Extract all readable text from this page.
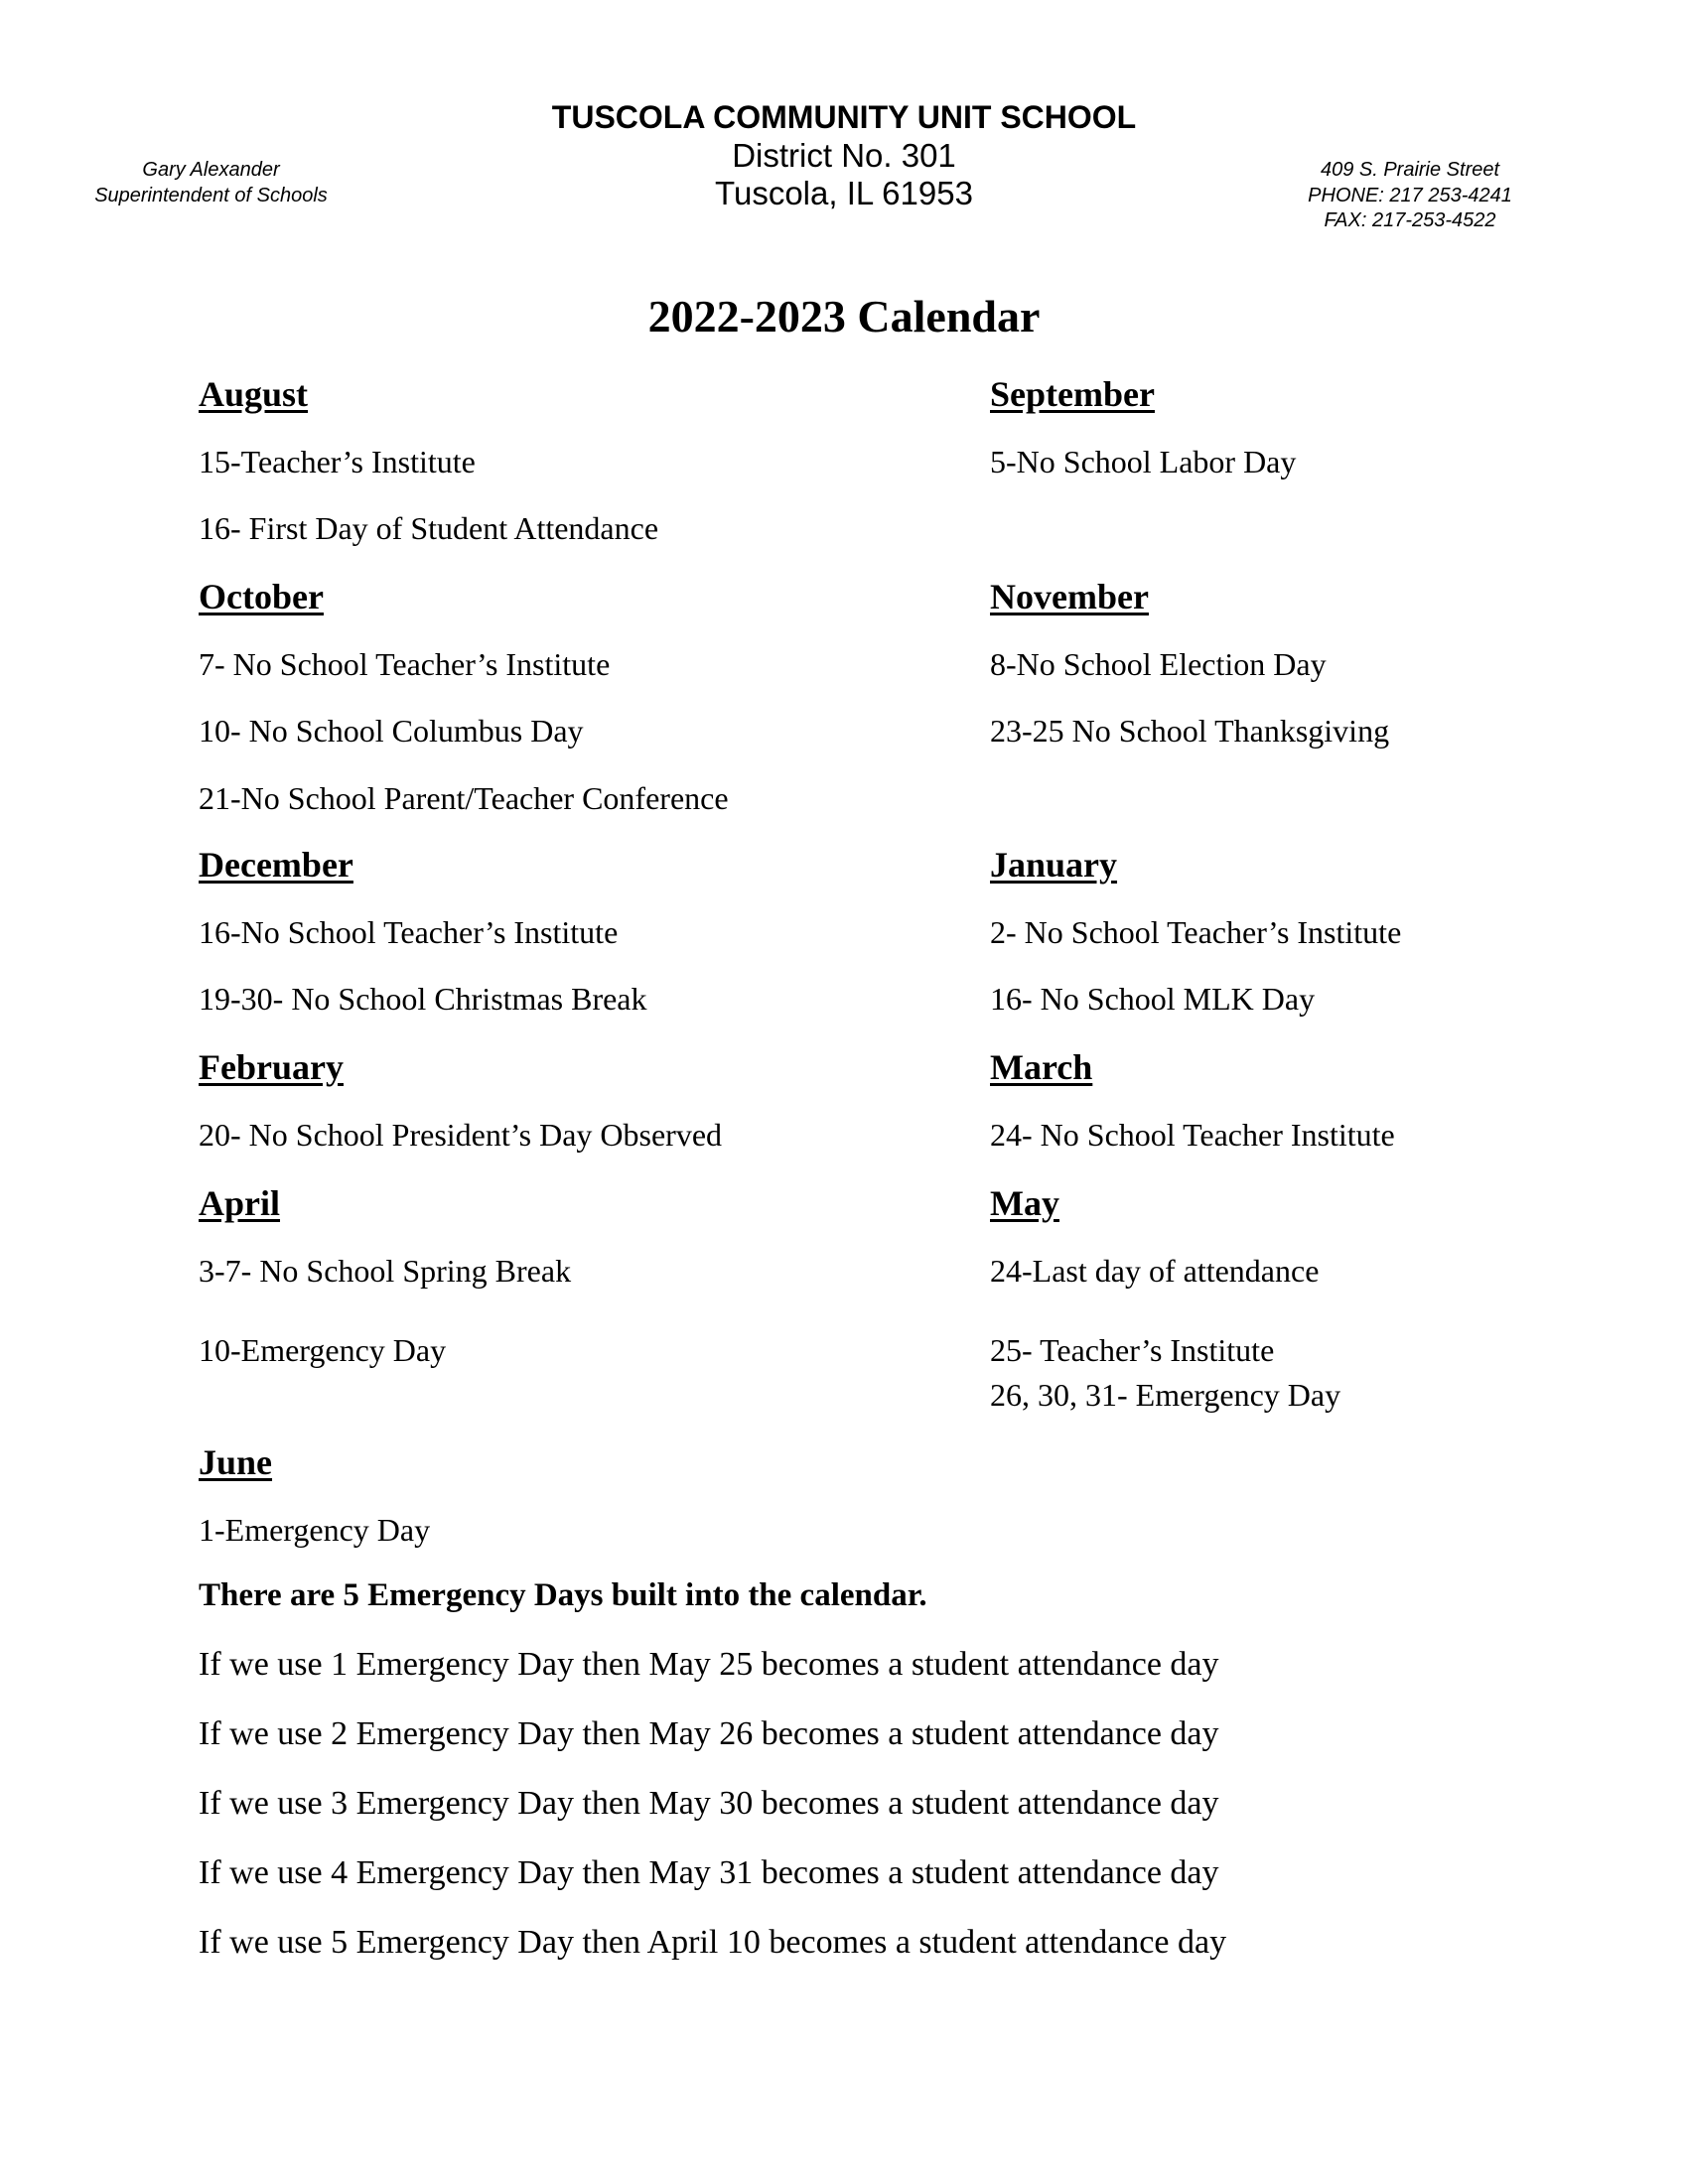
TUSCOLA COMMUNITY UNIT SCHOOL
District No. 301
Tuscola, IL 61953
Gary Alexander
Superintendent of Schools
409 S. Prairie Street
PHONE: 217 253-4241
FAX: 217-253-4522
2022-2023 Calendar
August	September
15-Teacher’s Institute	5-No School Labor Day
16- First Day of Student Attendance
October	November
7- No School Teacher’s Institute	8-No School Election Day
10- No School Columbus Day	23-25 No School Thanksgiving
21-No School Parent/Teacher Conference
December	January
16-No School Teacher’s Institute	2- No School Teacher’s Institute
19-30- No School Christmas Break	16- No School MLK Day
February	March
20- No School President’s Day Observed	24- No School Teacher Institute
April	May
3-7- No School Spring Break	24-Last day of attendance
10-Emergency Day	25- Teacher’s Institute
26, 30, 31- Emergency Day
June
1-Emergency Day
There are 5 Emergency Days built into the calendar.
If we use 1 Emergency Day then May 25 becomes a student attendance day
If we use 2 Emergency Day then May 26 becomes a student attendance day
If we use 3 Emergency Day then May 30 becomes a student attendance day
If we use 4 Emergency Day then May 31 becomes a student attendance day
If we use 5 Emergency Day then April 10 becomes a student attendance day
